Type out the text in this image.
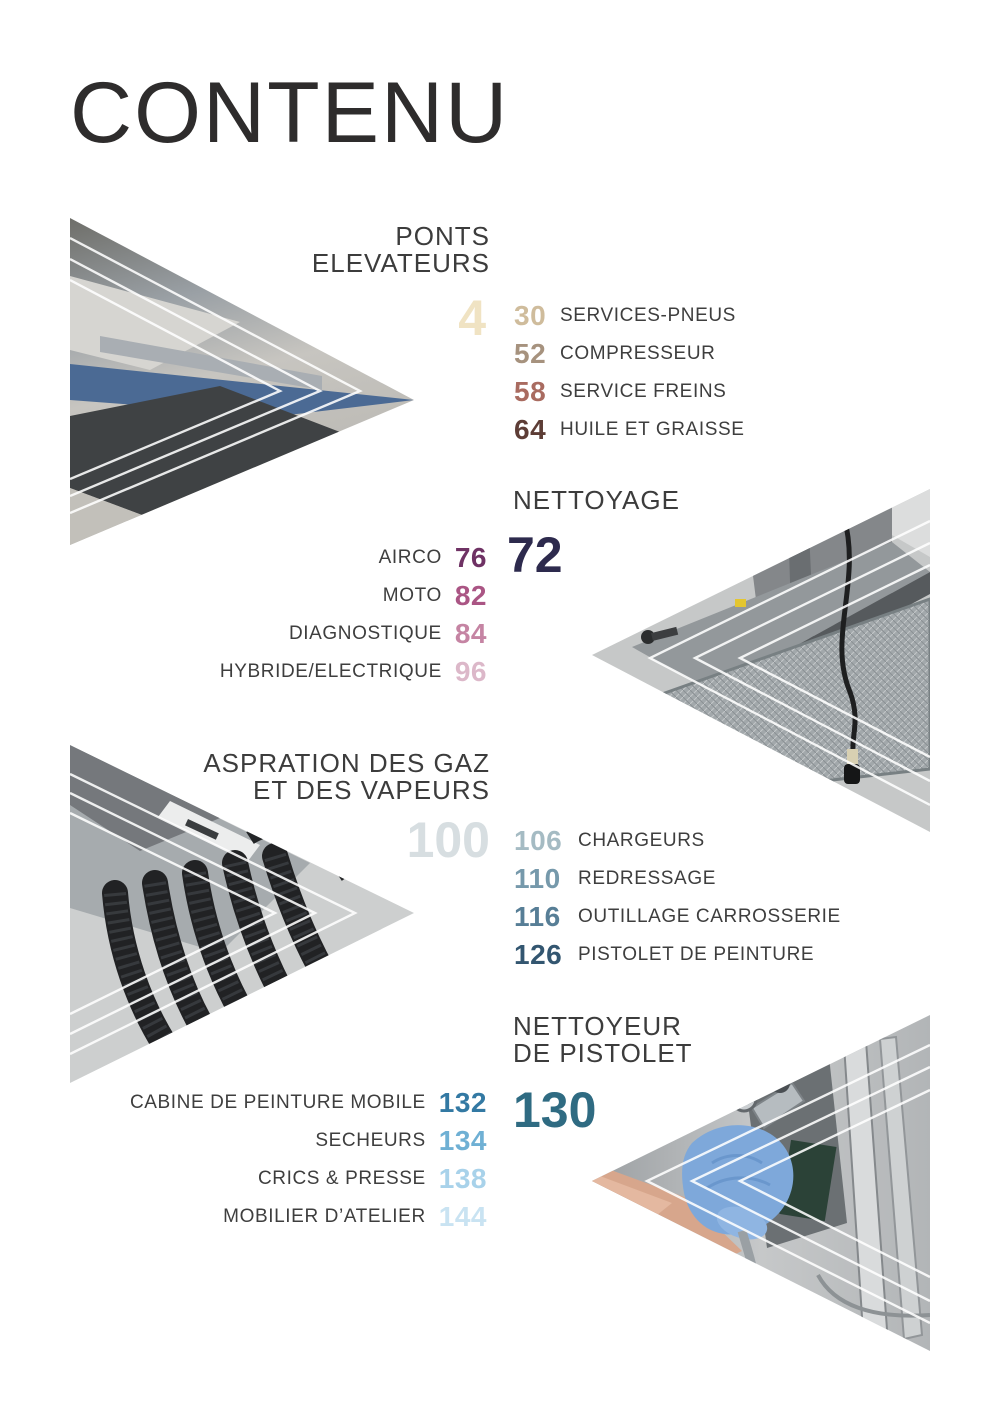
CONTENU
PONTS
ELEVATEURS
4 30 SERVICES-PNEUS
52 COMPRESSEUR
58 SERVICE FREINS
64 HUILE ET GRAISSE
NETTOYAGE
72
AIRCO 76
MOTO 82
DIAGNOSTIQUE 84
HYBRIDE/ELECTRIQUE 96
ASPRATION DES GAZ
ET DES VAPEURS
100 106 CHARGEURS
110 REDRESSAGE
116 OUTILLAGE CARROSSERIE
126 PISTOLET DE PEINTURE
NETTOYEUR
DE PISTOLET
130
CABINE DE PEINTURE MOBILE 132
SECHEURS 134
CRICS & PRESSE 138
MOBILIER D’ATELIER 144
